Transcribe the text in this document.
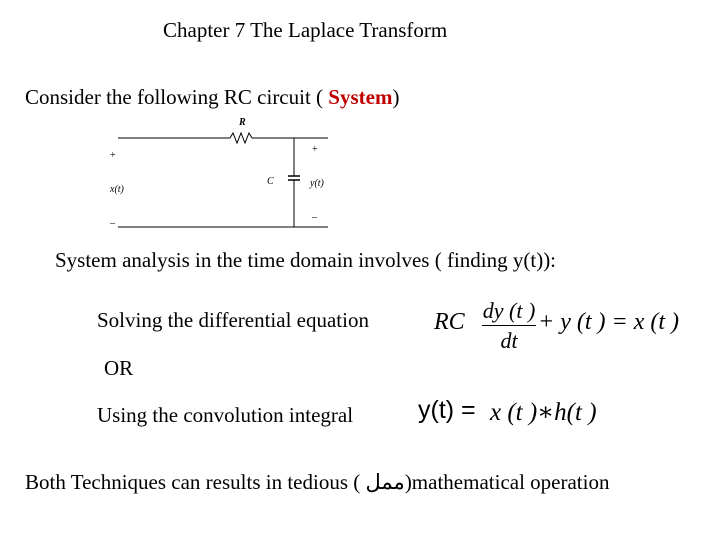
Chapter 7 The Laplace Transform
Consider the following RC circuit ( System)
R
C
x(t)
y(t)
+
_
+
_
System analysis in the time domain involves ( finding y(t)):
Solving the differential equation	RC dy (t )
dt
+ y (t ) = x (t )
OR
Using the convolution integral	y(t) = x (t )∗h(t )
Both Techniques can results in tedious ( ممل)mathematical operation
